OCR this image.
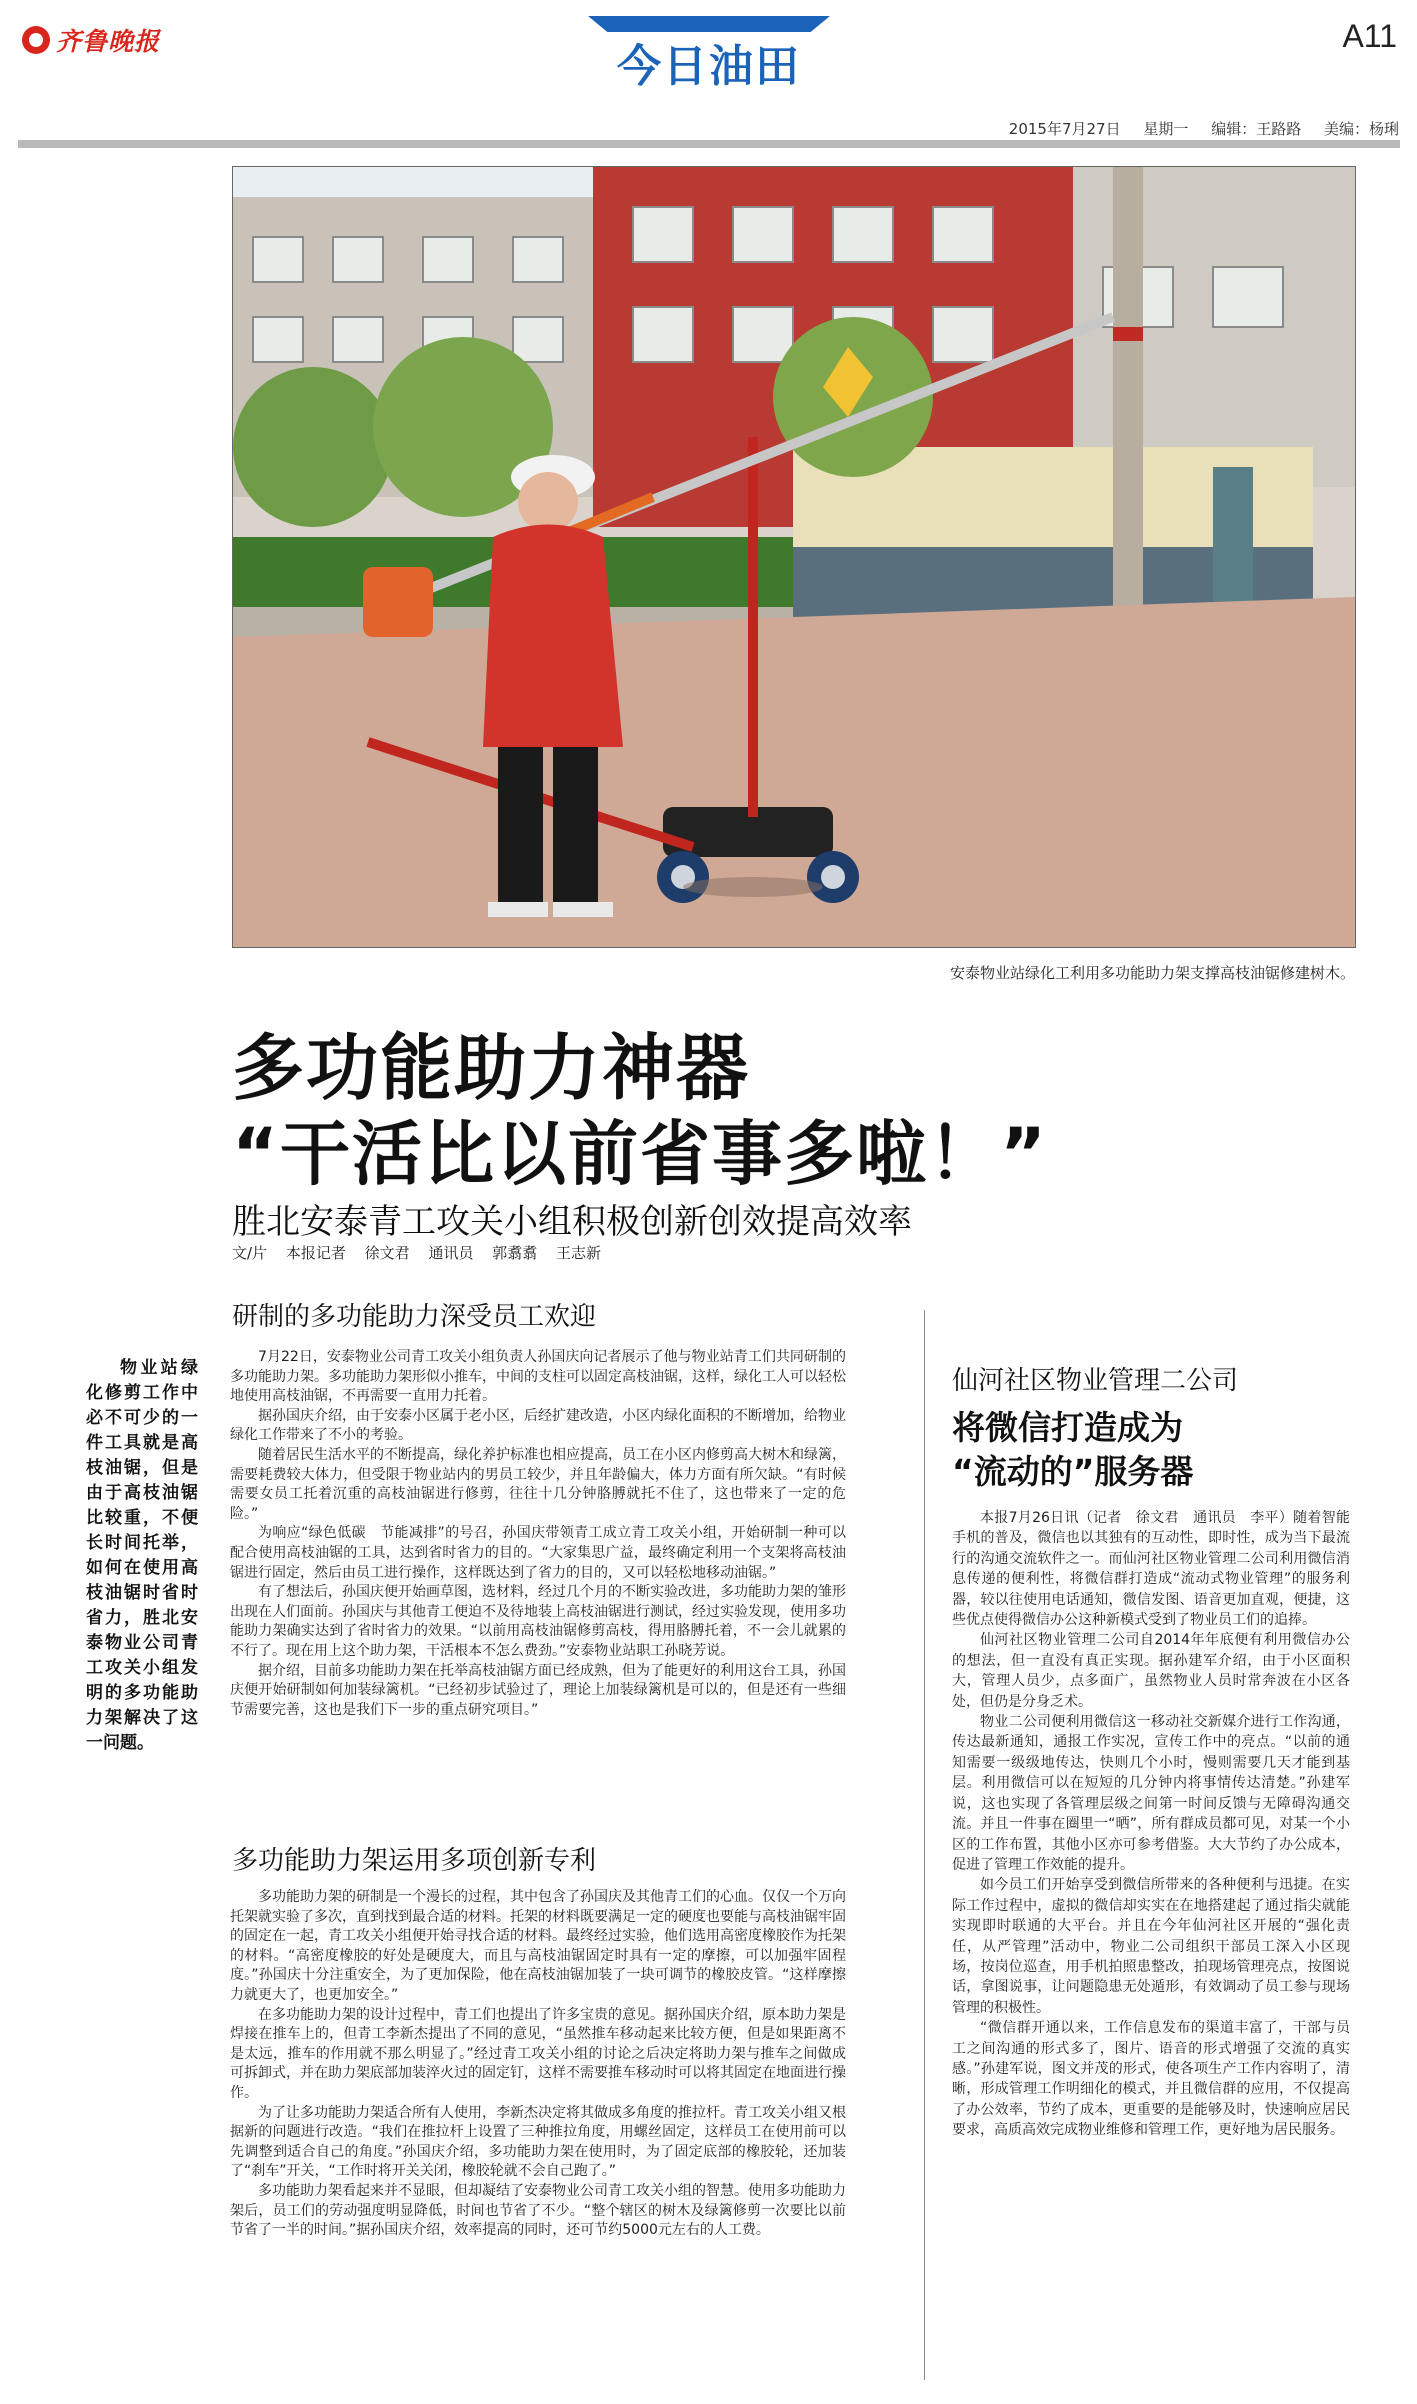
齐鲁晚报	今日油田
A11
2015年7月27日 星期一 编辑：王路路 美编：杨琍
安泰物业站绿化工利用多功能助力架支撑高枝油锯修建树木。
多功能助力神器
“干活比以前省事多啦！”
胜北安泰青工攻关小组积极创新创效提高效率
文/片 本报记者 徐文君 通讯员 郭翥翥 王志新
物业站绿化修剪工作中必不可少的一件工具就是高枝油锯，但是由于高枝油锯比较重，不便长时间托举，如何在使用高枝油锯时省时省力，胜北安泰物业公司青工攻关小组发明的多功能助力架解决了这一问题。
研制的多功能助力深受员工欢迎

7月22日，安泰物业公司青工攻关小组负责人孙国庆向记者展示了他与物业站青工们共同研制的多功能助力架。多功能助力架形似小推车，中间的支柱可以固定高枝油锯，这样，绿化工人可以轻松地使用高枝油锯，不再需要一直用力托着。

据孙国庆介绍，由于安泰小区属于老小区，后经扩建改造，小区内绿化面积的不断增加，给物业绿化工作带来了不小的考验。

随着居民生活水平的不断提高，绿化养护标准也相应提高，员工在小区内修剪高大树木和绿篱，需要耗费较大体力，但受限于物业站内的男员工较少，并且年龄偏大，体力方面有所欠缺。“有时候需要女员工托着沉重的高枝油锯进行修剪，往往十几分钟胳膊就托不住了，这也带来了一定的危险。”

为响应“绿色低碳　节能减排”的号召，孙国庆带领青工成立青工攻关小组，开始研制一种可以配合使用高枝油锯的工具，达到省时省力的目的。“大家集思广益，最终确定利用一个支架将高枝油锯进行固定，然后由员工进行操作，这样既达到了省力的目的，又可以轻松地移动油锯。”

有了想法后，孙国庆便开始画草图，选材料，经过几个月的不断实验改进，多功能助力架的雏形出现在人们面前。孙国庆与其他青工便迫不及待地装上高枝油锯进行测试，经过实验发现，使用多功能助力架确实达到了省时省力的效果。“以前用高枝油锯修剪高枝，得用胳膊托着，不一会儿就累的不行了。现在用上这个助力架，干活根本不怎么费劲。”安泰物业站职工孙晓芳说。

据介绍，目前多功能助力架在托举高枝油锯方面已经成熟，但为了能更好的利用这台工具，孙国庆便开始研制如何加装绿篱机。“已经初步试验过了，理论上加装绿篱机是可以的，但是还有一些细节需要完善，这也是我们下一步的重点研究项目。”

多功能助力架运用多项创新专利

多功能助力架的研制是一个漫长的过程，其中包含了孙国庆及其他青工们的心血。仅仅一个万向托架就实验了多次，直到找到最合适的材料。托架的材料既要满足一定的硬度也要能与高枝油锯牢固的固定在一起，青工攻关小组便开始寻找合适的材料。最终经过实验，他们选用高密度橡胶作为托架的材料。“高密度橡胶的好处是硬度大，而且与高枝油锯固定时具有一定的摩擦，可以加强牢固程度。”孙国庆十分注重安全，为了更加保险，他在高枝油锯加装了一块可调节的橡胶皮管。“这样摩擦力就更大了，也更加安全。”

在多功能助力架的设计过程中，青工们也提出了许多宝贵的意见。据孙国庆介绍，原本助力架是焊接在推车上的，但青工李新杰提出了不同的意见，“虽然推车移动起来比较方便，但是如果距离不是太远，推车的作用就不那么明显了。”经过青工攻关小组的讨论之后决定将助力架与推车之间做成可拆卸式，并在助力架底部加装淬火过的固定钉，这样不需要推车移动时可以将其固定在地面进行操作。

为了让多功能助力架适合所有人使用，李新杰决定将其做成多角度的推拉杆。青工攻关小组又根据新的问题进行改造。“我们在推拉杆上设置了三种推拉角度，用螺丝固定，这样员工在使用前可以先调整到适合自己的角度。”孙国庆介绍，多功能助力架在使用时，为了固定底部的橡胶轮，还加装了“刹车”开关，“工作时将开关关闭，橡胶轮就不会自己跑了。”

多功能助力架看起来并不显眼，但却凝结了安泰物业公司青工攻关小组的智慧。使用多功能助力架后，员工们的劳动强度明显降低，时间也节省了不少。“整个辖区的树木及绿篱修剪一次要比以前节省了一半的时间。”据孙国庆介绍，效率提高的同时，还可节约5000元左右的人工费。

仙河社区物业管理二公司
将微信打造成为
“流动的”服务器

本报7月26日讯（记者　徐文君　通讯员　李平）随着智能手机的普及，微信也以其独有的互动性，即时性，成为当下最流行的沟通交流软件之一。而仙河社区物业管理二公司利用微信消息传递的便利性，将微信群打造成“流动式物业管理”的服务利器，较以往使用电话通知，微信发图、语音更加直观，便捷，这些优点使得微信办公这种新模式受到了物业员工们的追捧。

仙河社区物业管理二公司自2014年年底便有利用微信办公的想法，但一直没有真正实现。据孙建军介绍，由于小区面积大，管理人员少，点多面广，虽然物业人员时常奔波在小区各处，但仍是分身乏术。

物业二公司便利用微信这一移动社交新媒介进行工作沟通，传达最新通知，通报工作实况，宣传工作中的亮点。“以前的通知需要一级级地传达，快则几个小时，慢则需要几天才能到基层。利用微信可以在短短的几分钟内将事情传达清楚。”孙建军说，这也实现了各管理层级之间第一时间反馈与无障碍沟通交流。并且一件事在圈里一“晒”，所有群成员都可见，对某一个小区的工作布置，其他小区亦可参考借鉴。大大节约了办公成本，促进了管理工作效能的提升。

如今员工们开始享受到微信所带来的各种便利与迅捷。在实际工作过程中，虚拟的微信却实实在在地搭建起了通过指尖就能实现即时联通的大平台。并且在今年仙河社区开展的“强化责任，从严管理”活动中，物业二公司组织干部员工深入小区现场，按岗位巡查，用手机拍照患整改，拍现场管理亮点，按图说话，拿图说事，让问题隐患无处遁形，有效调动了员工参与现场管理的积极性。

“微信群开通以来，工作信息发布的渠道丰富了，干部与员工之间沟通的形式多了，图片、语音的形式增强了交流的真实感。”孙建军说，图文并茂的形式，使各项生产工作内容明了，清晰，形成管理工作明细化的模式，并且微信群的应用，不仅提高了办公效率，节约了成本，更重要的是能够及时，快速响应居民要求，高质高效完成物业维修和管理工作，更好地为居民服务。
